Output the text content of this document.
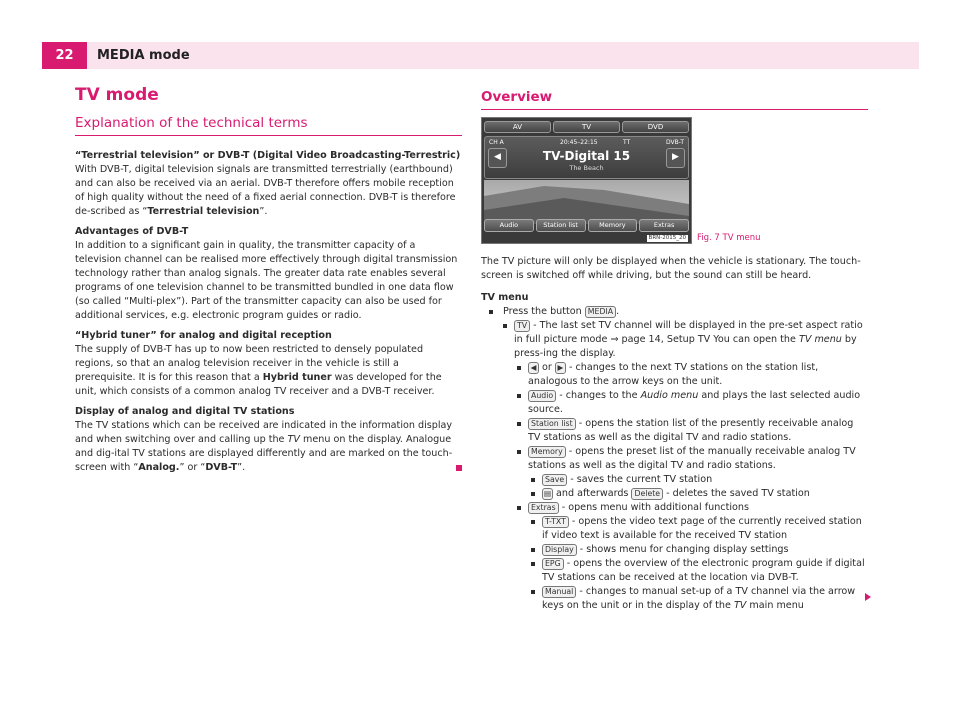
22	MEDIA mode
TV mode
Explanation of the technical terms

“Terrestrial television” or DVB-T (Digital Video Broadcasting-Terrestric)

With DVB-T, digital television signals are transmitted terrestrially (earthbound) and can also be received via an aerial. DVB-T therefore offers mobile reception of high quality without the need of a fixed aerial connection. DVB-T is therefore de-scribed as “Terrestrial television”.

Advantages of DVB-T

In addition to a significant gain in quality, the transmitter capacity of a television channel can be realised more effectively through digital transmission technology rather than analog signals. The greater data rate enables several programs of one television channel to be transmitted bundled in one data flow (so called “Multi-plex”). Part of the transmitter capacity can also be used for additional services, e.g. electronic program guides or radio.

“Hybrid tuner” for analog and digital reception

The supply of DVB-T has up to now been restricted to densely populated regions, so that an analog television receiver in the vehicle is still a prerequisite. It is for this reason that a Hybrid tuner was developed for the unit, which consists of a common analog TV receiver and a DVB-T receiver.

Display of analog and digital TV stations

The TV stations which can be received are indicated in the information display and when switching over and calling up the TV menu on the display. Analogue and dig-ital TV stations are displayed differently and are marked on the touch-screen with “Analog.” or “DVB-T”.

Overview
AV	TV	DVD
CH A	20:45–22:15	TT	DVB-T
◀	▶
TV-Digital 15
The Beach
Audio	Station list	Memory	Extras
BRN-2015_20 Fig. 7 TV menu

The TV picture will only be displayed when the vehicle is stationary. The touch-screen is switched off while driving, but the sound can still be heard.

TV menu

Press the button MEDIA .
TV - The last set TV channel will be displayed in the pre-set aspect ratio in full picture mode ⇒ page 14, Setup TV You can open the TV menu by press-ing the display.
◀ or ▶ - changes to the next TV stations on the station list, analogous to the arrow keys on the unit.
Audio - changes to the Audio menu and plays the last selected audio source.
Station list - opens the station list of the presently receivable analog TV stations as well as the digital TV and radio stations.
Memory - opens the preset list of the manually receivable analog TV stations as well as the digital TV and radio stations.
Save - saves the current TV station
▤ and afterwards Delete - deletes the saved TV station
Extras - opens menu with additional functions
T-TXT - opens the video text page of the currently received station if video text is available for the received TV station
Display - shows menu for changing display settings
EPG - opens the overview of the electronic program guide if digital TV stations can be received at the location via DVB-T.
Manual - changes to manual set-up of a TV channel via the arrow keys on the unit or in the display of the TV main menu
